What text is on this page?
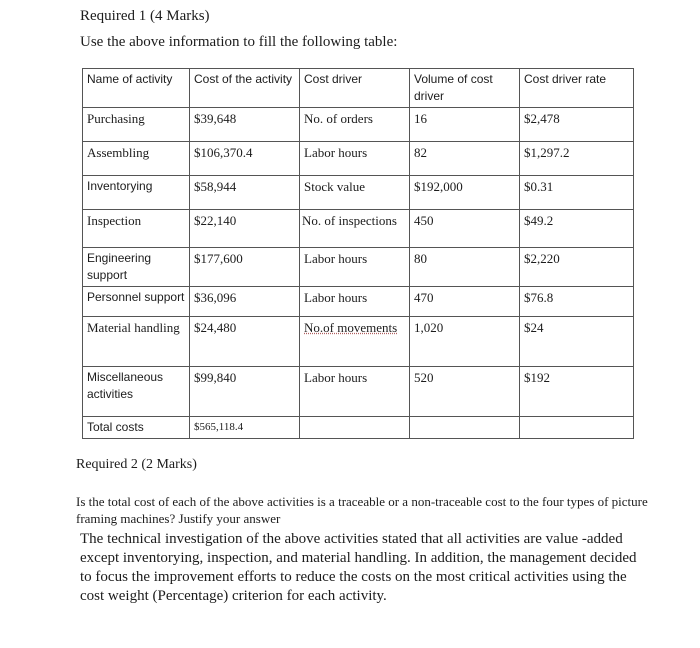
Required 1 (4 Marks)
Use the above information to fill the following table:
Name of activity	Cost of the activity	Cost driver	Volume of cost driver	Cost driver rate
Purchasing	$39,648	No. of orders	16	$2,478
Assembling	$106,370.4	Labor hours	82	$1,297.2
Inventorying	$58,944	Stock value	$192,000	$0.31
Inspection	$22,140	No. of inspections	450	$49.2
Engineering support	$177,600	Labor hours	80	$2,220
Personnel support	$36,096	Labor hours	470	$76.8
Material handling	$24,480	No.of movements	1,020	$24
Miscellaneous activities	$99,840	Labor hours	520	$192
Total costs	$565,118.4			
Required 2 (2 Marks)
Is the total cost of each of the above activities is a traceable or a non-traceable cost to the four types of picture framing machines? Justify your answer
The technical investigation of the above activities stated that all activities are value -added except inventorying, inspection, and material handling. In addition, the management decided to focus the improvement efforts to reduce the costs on the most critical activities using the cost weight (Percentage) criterion for each activity.
